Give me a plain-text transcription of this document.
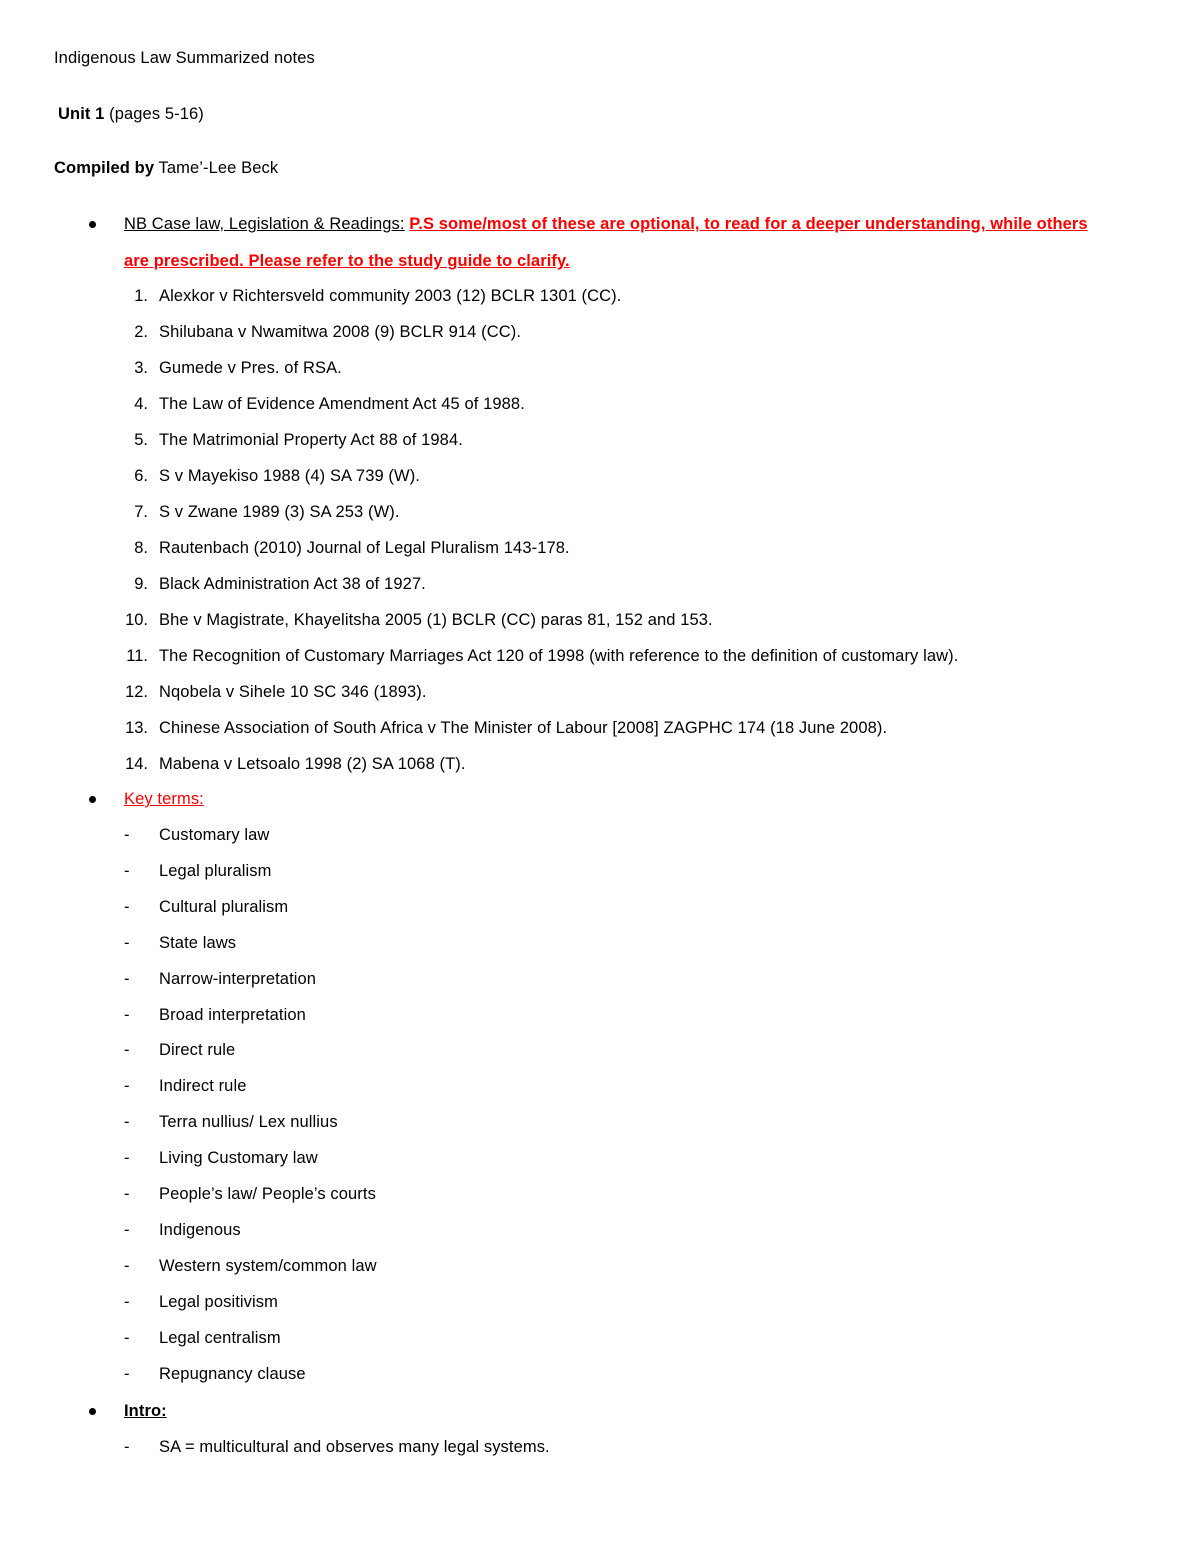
Indigenous Law Summarized notes
Unit 1 (pages 5-16)
Compiled by Tame’-Lee Beck
NB Case law, Legislation & Readings: P.S some/most of these are optional, to read for a deeper understanding, while others
are prescribed. Please refer to the study guide to clarify.
1. Alexkor v Richtersveld community 2003 (12) BCLR 1301 (CC).
2. Shilubana v Nwamitwa 2008 (9) BCLR 914 (CC).
3. Gumede v Pres. of RSA.
4. The Law of Evidence Amendment Act 45 of 1988.
5. The Matrimonial Property Act 88 of 1984.
6. S v Mayekiso 1988 (4) SA 739 (W).
7. S v Zwane 1989 (3) SA 253 (W).
8. Rautenbach (2010) Journal of Legal Pluralism 143-178.
9. Black Administration Act 38 of 1927.
10. Bhe v Magistrate, Khayelitsha 2005 (1) BCLR (CC) paras 81, 152 and 153.
11. The Recognition of Customary Marriages Act 120 of 1998 (with reference to the definition of customary law).
12. Nqobela v Sihele 10 SC 346 (1893).
13. Chinese Association of South Africa v The Minister of Labour [2008] ZAGPHC 174 (18 June 2008).
14. Mabena v Letsoalo 1998 (2) SA 1068 (T).
Key terms:
- Customary law
- Legal pluralism
- Cultural pluralism
- State laws
- Narrow-interpretation
- Broad interpretation
- Direct rule
- Indirect rule
- Terra nullius/ Lex nullius
- Living Customary law
- People’s law/ People’s courts
- Indigenous
- Western system/common law
- Legal positivism
- Legal centralism
- Repugnancy clause
Intro:
- SA = multicultural and observes many legal systems.
